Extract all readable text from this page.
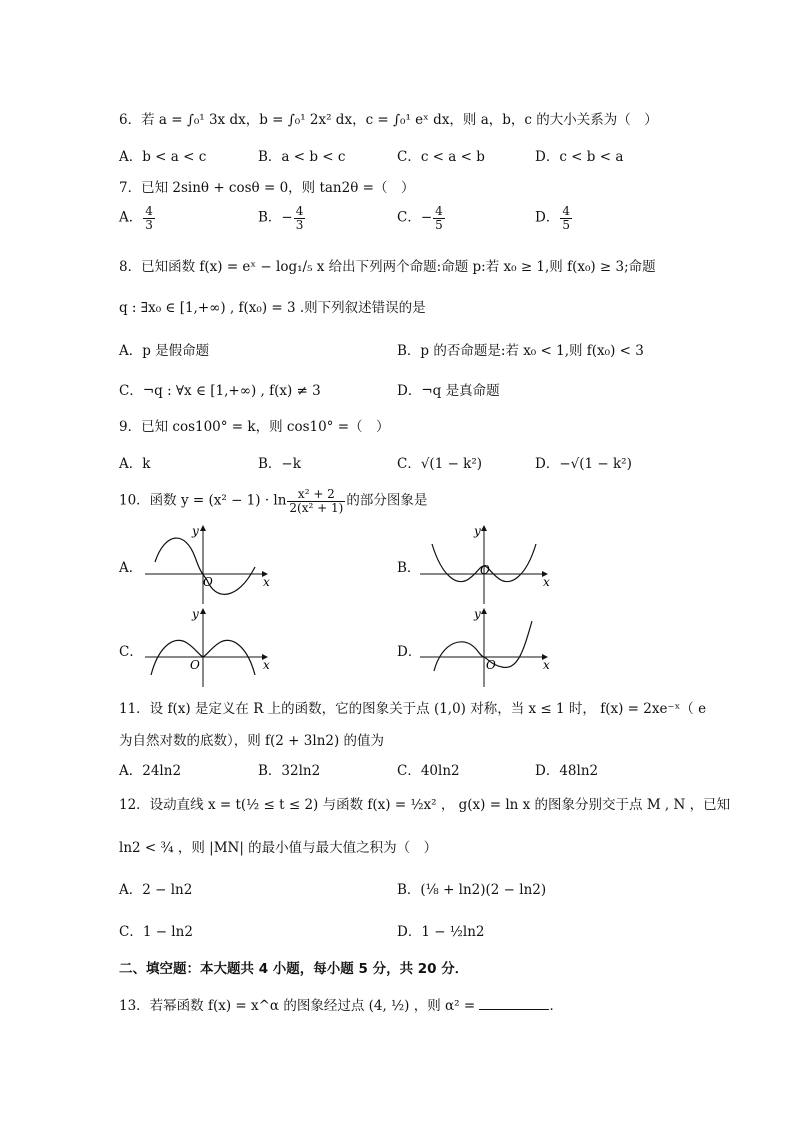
6．若 a = ∫₀¹ 3x dx，b = ∫₀¹ 2x² dx，c = ∫₀¹ eˣ dx，则 a，b，c 的大小关系为（　）
A．b < a < c	B．a < b < c	C．c < a < b	D．c < b < a
7．已知 2sinθ + cosθ = 0，则 tan2θ =（　）
A． $\frac{4}{3}$	B．− $\frac{4}{3}$	C．− $\frac{4}{5}$	D． $\frac{4}{5}$
8．已知函数 f(x) = eˣ − log₁/₅ x 给出下列两个命题:命题 p:若 x₀ ≥ 1,则 f(x₀) ≥ 3;命题
q : ∃x₀ ∈ [1,+∞) , f(x₀) = 3 .则下列叙述错误的是
A．p 是假命题	B．p 的否命题是:若 x₀ < 1,则 f(x₀) < 3
C．¬q : ∀x ∈ [1,+∞) , f(x) ≠ 3	D．¬q 是真命题
9．已知 cos100° = k，则 cos10° =（　）
A．k	B．−k	C．√(1 − k²)	D．−√(1 − k²)
10．函数 $y = (x^2 - 1) \cdot \ln \frac{\text{x² + 2}}{\text{2(x² + 1)}}$ 的部分图象是
A．	B．
C．	D．
y
x
O
y
x
O
y
x
O
y
x
O
11．设 f(x) 是定义在 R 上的函数，它的图象关于点 (1,0) 对称，当 x ≤ 1 时， f(x) = 2xe⁻ˣ（ e
为自然对数的底数），则 f(2 + 3ln2) 的值为
A．24ln2	B．32ln2	C．40ln2	D．48ln2
12．设动直线 x = t(½ ≤ t ≤ 2) 与函数 f(x) = ½x² ， g(x) = ln x 的图象分别交于点 M , N ，已知
ln2 < ¾ ，则 |MN| 的最小值与最大值之积为（　）
A．2 − ln2	B．(⅛ + ln2)(2 − ln2)
C．1 − ln2	D．1 − ½ln2
二、填空题：本大题共 4 小题，每小题 5 分，共 20 分．
13．若幂函数 f(x) = x^α 的图象经过点 (4, ½) ，则 α² =	．
